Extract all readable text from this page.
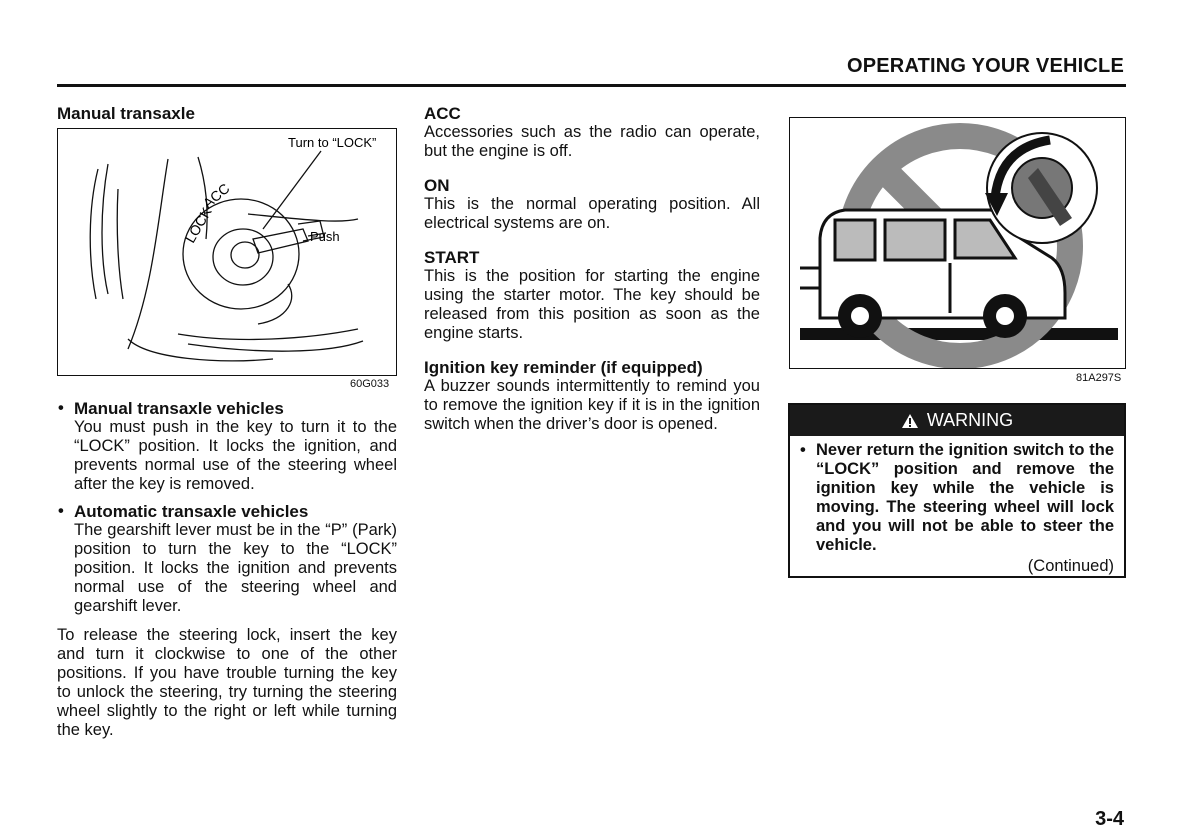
OPERATING YOUR VEHICLE
Manual transaxle
LOCK
ACC
Turn to “LOCK”
Push
60G033
• Manual transaxle vehicles
You must push in the key to turn it to the “LOCK” position. It locks the ignition, and prevents normal use of the steering wheel after the key is removed.
• Automatic transaxle vehicles
The gearshift lever must be in the “P” (Park) position to turn the key to the “LOCK” position. It locks the ignition and prevents normal use of the steering wheel and gearshift lever.
To release the steering lock, insert the key and turn it clockwise to one of the other positions. If you have trouble turning the key to unlock the steering, try turning the steering wheel slightly to the right or left while turning the key.
ACC
Accessories such as the radio can operate, but the engine is off.
ON
This is the normal operating position. All electrical systems are on.
START
This is the position for starting the engine using the starter motor. The key should be released from this position as soon as the engine starts.
Ignition key reminder (if equipped)
A buzzer sounds intermittently to remind you to remove the ignition key if it is in the ignition switch when the driver’s door is opened.
81A297S
WARNING
• Never return the ignition switch to the “LOCK” position and remove the ignition key while the vehicle is moving. The steering wheel will lock and you will not be able to steer the vehicle.
(Continued)
3-4
